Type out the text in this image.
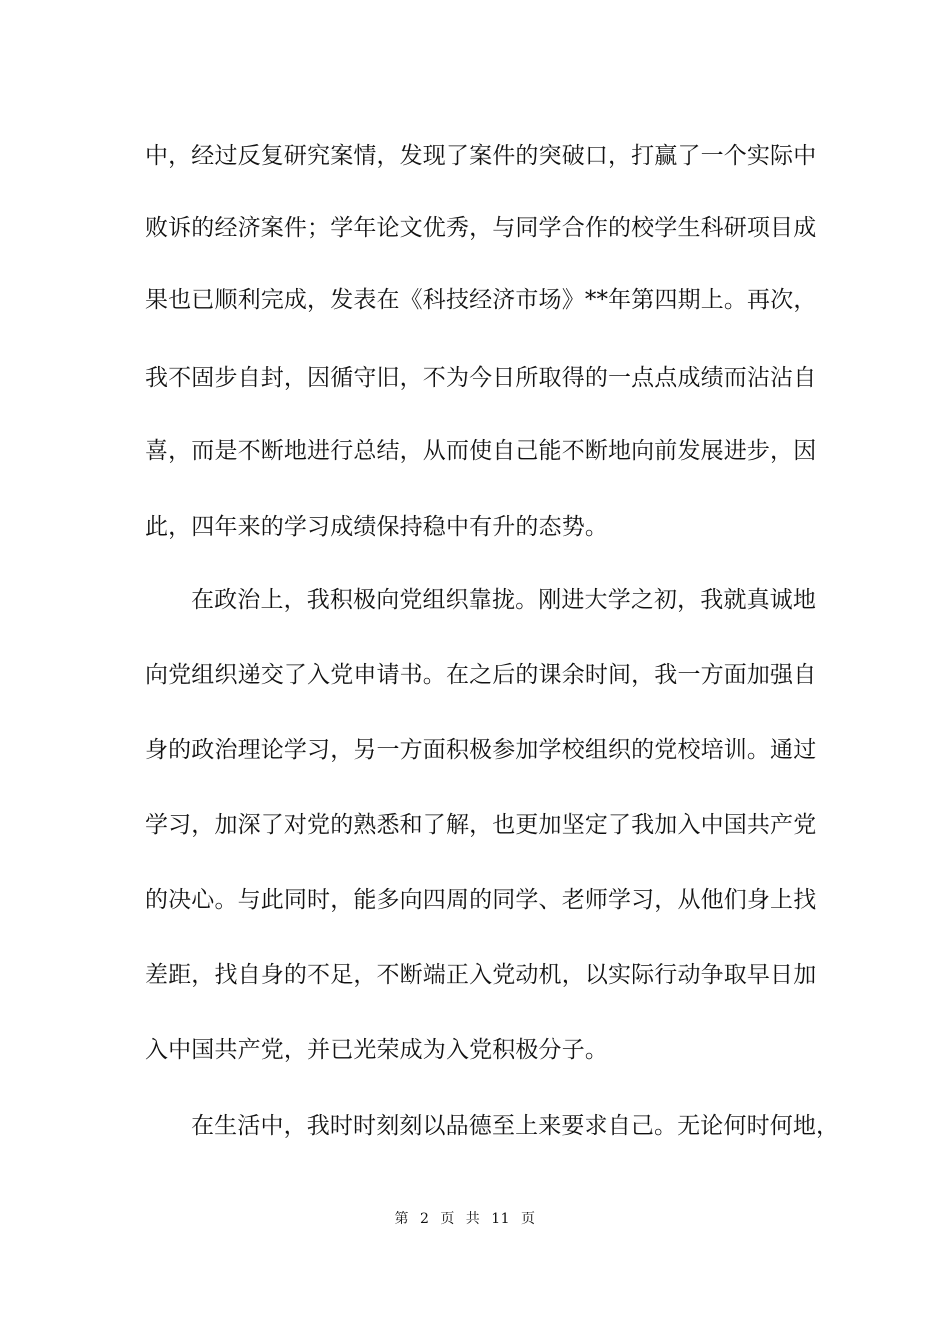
中，经过反复研究案情，发现了案件的突破口，打赢了一个实际中
败诉的经济案件；学年论文优秀，与同学合作的校学生科研项目成
果也已顺利完成，发表在《科技经济市场》**年第四期上。再次，
我不固步自封，因循守旧，不为今日所取得的一点点成绩而沾沾自
喜，而是不断地进行总结，从而使自己能不断地向前发展进步，因
此，四年来的学习成绩保持稳中有升的态势。
在政治上，我积极向党组织靠拢。刚进大学之初，我就真诚地
向党组织递交了入党申请书。在之后的课余时间，我一方面加强自
身的政治理论学习，另一方面积极参加学校组织的党校培训。通过
学习，加深了对党的熟悉和了解，也更加坚定了我加入中国共产党
的决心。与此同时，能多向四周的同学、老师学习，从他们身上找
差距，找自身的不足，不断端正入党动机，以实际行动争取早日加
入中国共产党，并已光荣成为入党积极分子。
在生活中，我时时刻刻以品德至上来要求自己。无论何时何地，
第 2 页 共 11 页
